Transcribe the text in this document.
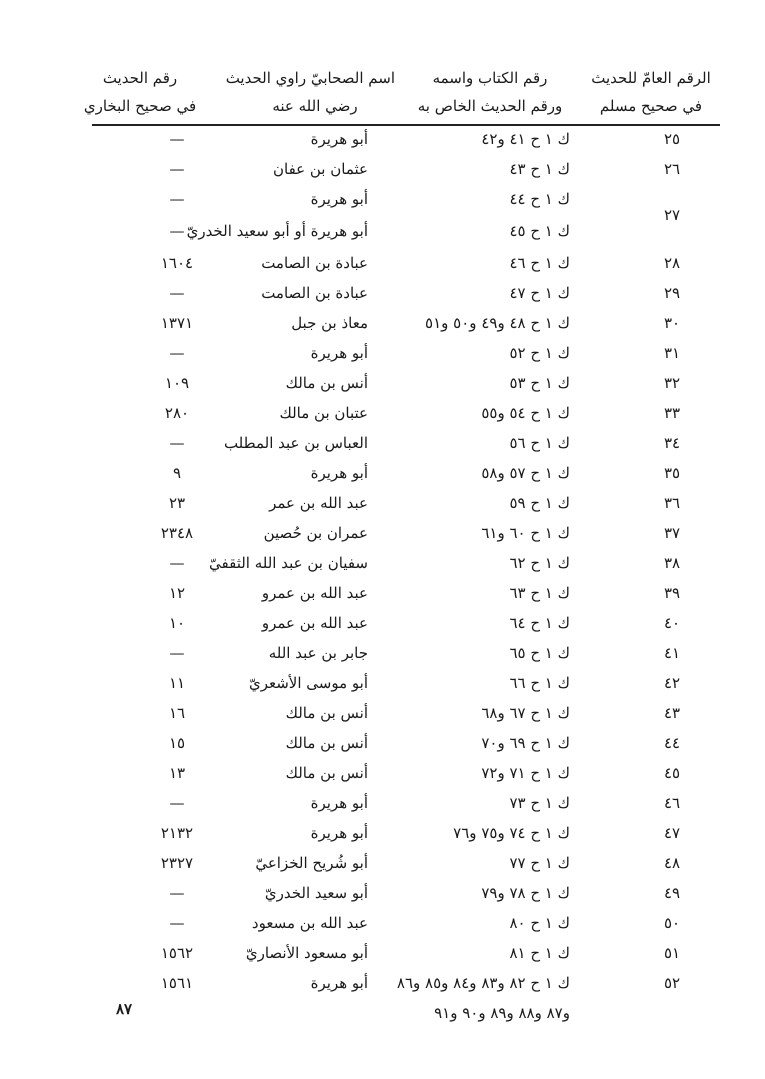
الرقم العامّ للحديث
في صحيح مسلم
رقم الكتاب واسمه
ورقم الحديث الخاص به
اسم الصحابيّ راوي الحديث
رضي الله عنه
رقم الحديث
في صحيح البخاري
٢٥
ك ١ ح ٤١ و٤٢
أبو هريرة
—
٢٦
ك ١ ح ٤٣
عثمان بن عفان
—
٢٧
ك ١ ح ٤٤
ك ١ ح ٤٥
أبو هريرة
أبو هريرة أو أبو سعيد الخدريّ
—
—
٢٨
ك ١ ح ٤٦
عبادة بن الصامت
١٦٠٤
٢٩
ك ١ ح ٤٧
عبادة بن الصامت
—
٣٠
ك ١ ح ٤٨ و٤٩ و٥٠ و٥١
معاذ بن جبل
١٣٧١
٣١
ك ١ ح ٥٢
أبو هريرة
—
٣٢
ك ١ ح ٥٣
أنس بن مالك
١٠٩
٣٣
ك ١ ح ٥٤ و٥٥
عتبان بن مالك
٢٨٠
٣٤
ك ١ ح ٥٦
العباس بن عبد المطلب
—
٣٥
ك ١ ح ٥٧ و٥٨
أبو هريرة
٩
٣٦
ك ١ ح ٥٩
عبد الله بن عمر
٢٣
٣٧
ك ١ ح ٦٠ و٦١
عمران بن حُصين
٢٣٤٨
٣٨
ك ١ ح ٦٢
سفيان بن عبد الله الثقفيّ
—
٣٩
ك ١ ح ٦٣
عبد الله بن عمرو
١٢
٤٠
ك ١ ح ٦٤
عبد الله بن عمرو
١٠
٤١
ك ١ ح ٦٥
جابر بن عبد الله
—
٤٢
ك ١ ح ٦٦
أبو موسى الأشعريّ
١١
٤٣
ك ١ ح ٦٧ و٦٨
أنس بن مالك
١٦
٤٤
ك ١ ح ٦٩ و٧٠
أنس بن مالك
١٥
٤٥
ك ١ ح ٧١ و٧٢
أنس بن مالك
١٣
٤٦
ك ١ ح ٧٣
أبو هريرة
—
٤٧
ك ١ ح ٧٤ و٧٥ و٧٦
أبو هريرة
٢١٣٢
٤٨
ك ١ ح ٧٧
أبو شُريح الخزاعيّ
٢٣٢٧
٤٩
ك ١ ح ٧٨ و٧٩
أبو سعيد الخدريّ
—
٥٠
ك ١ ح ٨٠
عبد الله بن مسعود
—
٥١
ك ١ ح ٨١
أبو مسعود الأنصاريّ
١٥٦٢
٥٢
ك ١ ح ٨٢ و٨٣ و٨٤ و٨٥ و٨٦
و٨٧ و٨٨ و٨٩ و٩٠ و٩١
أبو هريرة
١٥٦١
٨٧
